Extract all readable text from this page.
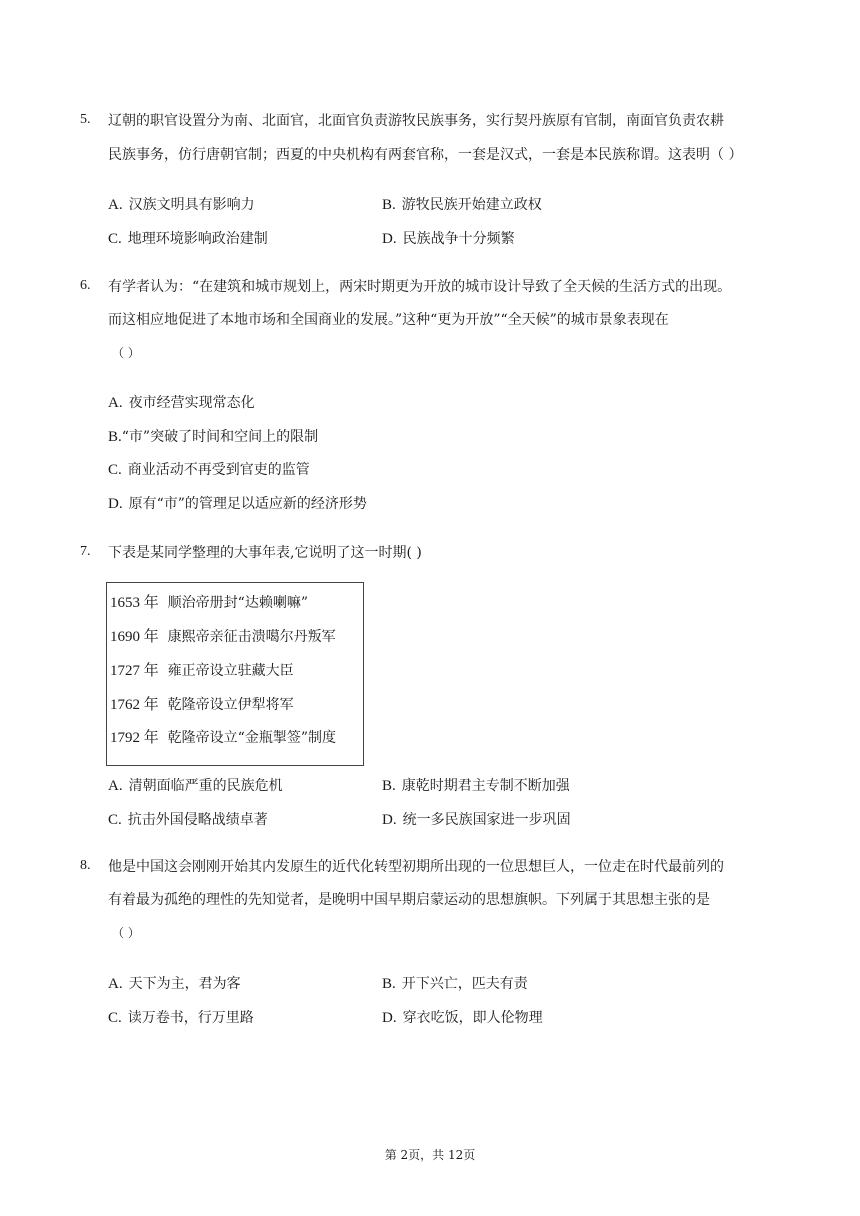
5. 辽朝的职官设置分为南、北面官，北面官负责游牧民族事务，实行契丹族原有官制，南面官负责农耕
民族事务，仿行唐朝官制；西夏的中央机构有两套官称，一套是汉式，一套是本民族称谓。这表明（ ）
A. 汉族文明具有影响力	B. 游牧民族开始建立政权
C. 地理环境影响政治建制	D. 民族战争十分频繁
6. 有学者认为：“在建筑和城市规划上，两宋时期更为开放的城市设计导致了全天候的生活方式的出现。
而这相应地促进了本地市场和全国商业的发展。”这种“更为开放”“全天候”的城市景象表现在
（ ）
A. 夜市经营实现常态化
B.“市”突破了时间和空间上的限制
C. 商业活动不再受到官吏的监管
D. 原有“市”的管理足以适应新的经济形势
7. 下表是某同学整理的大事年表,它说明了这一时期( )
1653 年 顺治帝册封“达赖喇嘛”
1690 年 康熙帝亲征击溃噶尔丹叛军
1727 年 雍正帝设立驻藏大臣
1762 年 乾隆帝设立伊犁将军
1792 年 乾隆帝设立“金瓶掣签”制度
A. 清朝面临严重的民族危机	B. 康乾时期君主专制不断加强
C. 抗击外国侵略战绩卓著	D. 统一多民族国家进一步巩固
8. 他是中国这会刚刚开始其内发原生的近代化转型初期所出现的一位思想巨人，一位走在时代最前列的
有着最为孤绝的理性的先知觉者，是晚明中国早期启蒙运动的思想旗帜。下列属于其思想主张的是
（ ）
A. 天下为主，君为客	B. 开下兴亡，匹夫有责
C. 读万卷书，行万里路	D. 穿衣吃饭，即人伦物理
第 2页，共 12页
